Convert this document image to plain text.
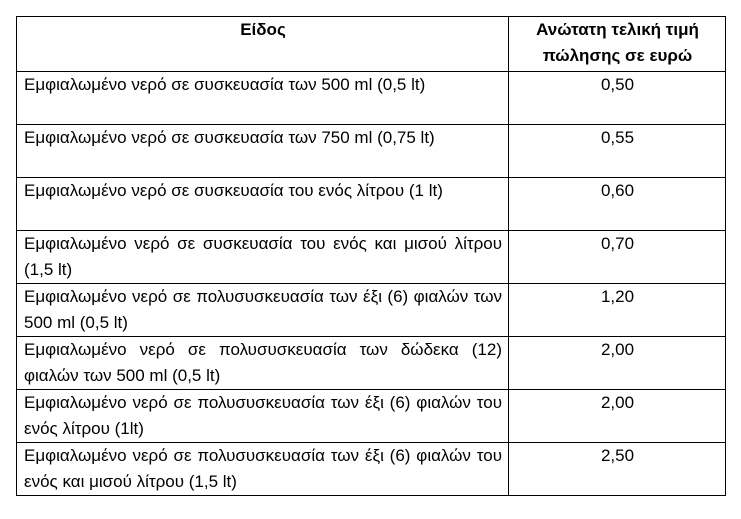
Είδος	Ανώτατη τελική τιμή πώλησης σε ευρώ
Εμφιαλωμένο νερό σε συσκευασία των 500 ml (0,5 lt)	0,50
Εμφιαλωμένο νερό σε συσκευασία των 750 ml (0,75 lt)	0,55
Εμφιαλωμένο νερό σε συσκευασία του ενός λίτρου (1 lt)	0,60
Εμφιαλωμένο νερό σε συσκευασία του ενός και μισού λίτρου (1,5 lt)	0,70
Εμφιαλωμένο νερό σε πολυσυσκευασία των έξι (6) φιαλών των 500 ml (0,5 lt)	1,20
Εμφιαλωμένο νερό σε πολυσυσκευασία των δώδεκα (12) φιαλών των 500 ml (0,5 lt)	2,00
Εμφιαλωμένο νερό σε πολυσυσκευασία των έξι (6) φιαλών του ενός λίτρου (1lt)	2,00
Εμφιαλωμένο νερό σε πολυσυσκευασία των έξι (6) φιαλών του ενός και μισού λίτρου (1,5 lt)	2,50
